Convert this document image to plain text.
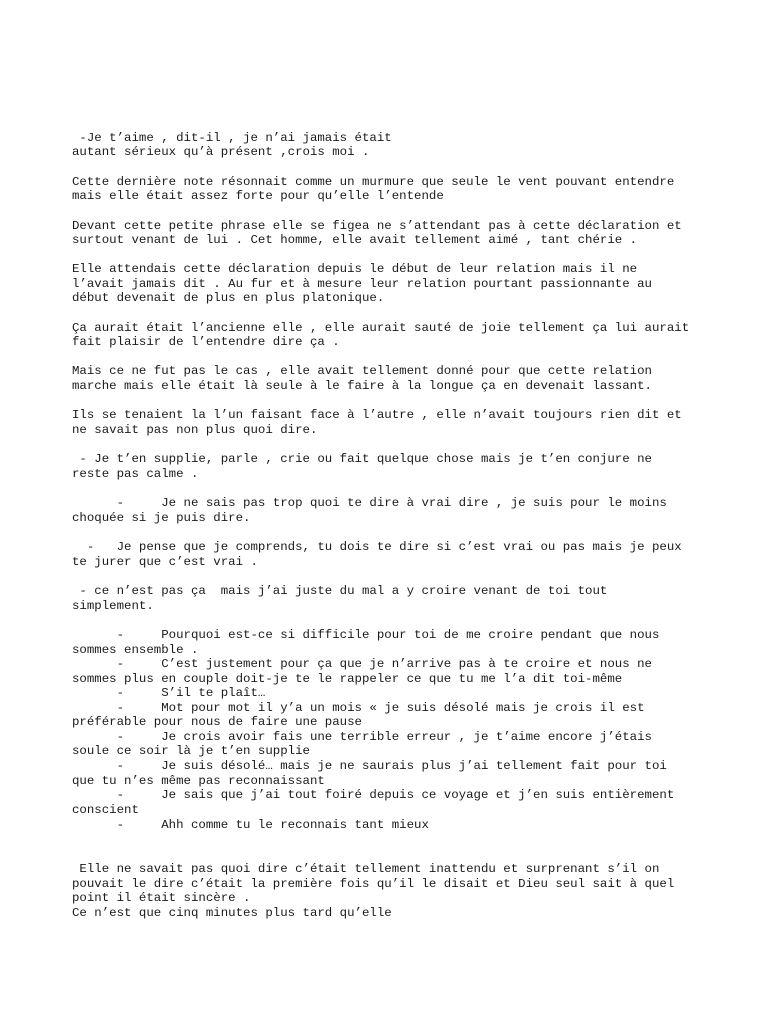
-Je t’aime , dit-il , je n’ai jamais était

autant sérieux qu’à présent ,crois moi .

Cette dernière note résonnait comme un murmure que seule le vent pouvant entendre

mais elle était assez forte pour qu’elle l’entende

Devant cette petite phrase elle se figea ne s’attendant pas à cette déclaration et

surtout venant de lui . Cet homme, elle avait tellement aimé , tant chérie .

Elle attendais cette déclaration depuis le début de leur relation mais il ne

l’avait jamais dit . Au fur et à mesure leur relation pourtant passionnante au

début devenait de plus en plus platonique.

Ça aurait était l’ancienne elle , elle aurait sauté de joie tellement ça lui aurait

fait plaisir de l’entendre dire ça .

Mais ce ne fut pas le cas , elle avait tellement donné pour que cette relation

marche mais elle était là seule à le faire à la longue ça en devenait lassant.

Ils se tenaient la l’un faisant face à l’autre , elle n’avait toujours rien dit et

ne savait pas non plus quoi dire.

- Je t’en supplie, parle , crie ou fait quelque chose mais je t’en conjure ne

reste pas calme .

-     Je ne sais pas trop quoi te dire à vrai dire , je suis pour le moins

choquée si je puis dire.

-   Je pense que je comprends, tu dois te dire si c’est vrai ou pas mais je peux

te jurer que c’est vrai .

- ce n’est pas ça  mais j’ai juste du mal a y croire venant de toi tout

simplement.

-     Pourquoi est-ce si difficile pour toi de me croire pendant que nous

sommes ensemble .

-     C’est justement pour ça que je n’arrive pas à te croire et nous ne

sommes plus en couple doit-je te le rappeler ce que tu me l’a dit toi-même

-     S’il te plaît…

-     Mot pour mot il y’a un mois « je suis désolé mais je crois il est

préférable pour nous de faire une pause

-     Je crois avoir fais une terrible erreur , je t’aime encore j’étais

soule ce soir là je t’en supplie

-     Je suis désolé… mais je ne saurais plus j’ai tellement fait pour toi

que tu n’es même pas reconnaissant

-     Je sais que j’ai tout foiré depuis ce voyage et j’en suis entièrement

conscient

-     Ahh comme tu le reconnais tant mieux

Elle ne savait pas quoi dire c’était tellement inattendu et surprenant s’il on

pouvait le dire c’était la première fois qu’il le disait et Dieu seul sait à quel

point il était sincère .

Ce n’est que cinq minutes plus tard qu’elle
